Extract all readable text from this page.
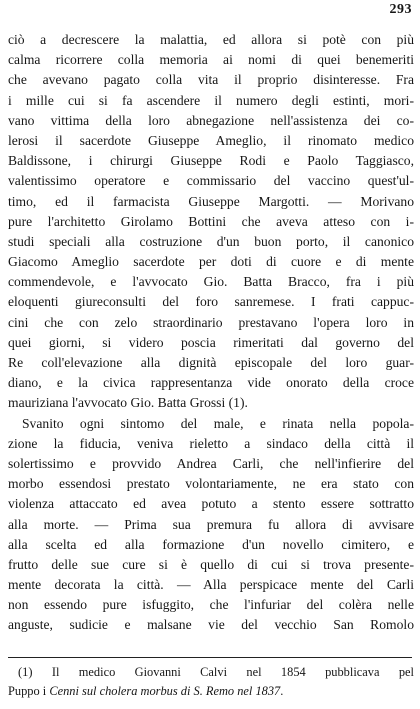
293
ciò a decrescere la malattia, ed allora si potè con più
calma ricorrere colla memoria ai nomi di quei benemeriti
che avevano pagato colla vita il proprio disinteresse. Fra
i mille cui si fa ascendere il numero degli estinti, mori-
vano vittima della loro abnegazione nell'assistenza dei co-
lerosi il sacerdote Giuseppe Ameglio, il rinomato medico
Baldissone, i chirurgi Giuseppe Rodi e Paolo Taggiasco,
valentissimo operatore e commissario del vaccino quest'ul-
timo, ed il farmacista Giuseppe Margotti. — Morivano
pure l'architetto Girolamo Bottini che aveva atteso con i-
studi speciali alla costruzione d'un buon porto, il canonico
Giacomo Ameglio sacerdote per doti di cuore e di mente
commendevole, e l'avvocato Gio. Batta Bracco, fra i più
eloquenti giureconsulti del foro sanremese. I frati cappuc-
cini che con zelo straordinario prestavano l'opera loro in
quei giorni, si videro poscia rimeritati dal governo del
Re coll'elevazione alla dignità episcopale del loro guar-
diano, e la civica rappresentanza vide onorato della croce
mauriziana l'avvocato Gio. Batta Grossi (1).
Svanito ogni sintomo del male, e rinata nella popola-
zione la fiducia, veniva rieletto a sindaco della città il
solertissimo e provvido Andrea Carli, che nell'infierire del
morbo essendosi prestato volontariamente, ne era stato con
violenza attaccato ed avea potuto a stento essere sottratto
alla morte. — Prima sua premura fu allora di avvisare
alla scelta ed alla formazione d'un novello cimitero, e
frutto delle sue cure si è quello di cui si trova presente-
mente decorata la città. — Alla perspicace mente del Carli
non essendo pure isfuggito, che l'infuriar del colèra nelle
anguste, sudicie e malsane vie del vecchio San Romolo
(1) Il medico Giovanni Calvi nel 1854 pubblicava pel
Puppo i Cenni sul cholera morbus di S. Remo nel 1837.
